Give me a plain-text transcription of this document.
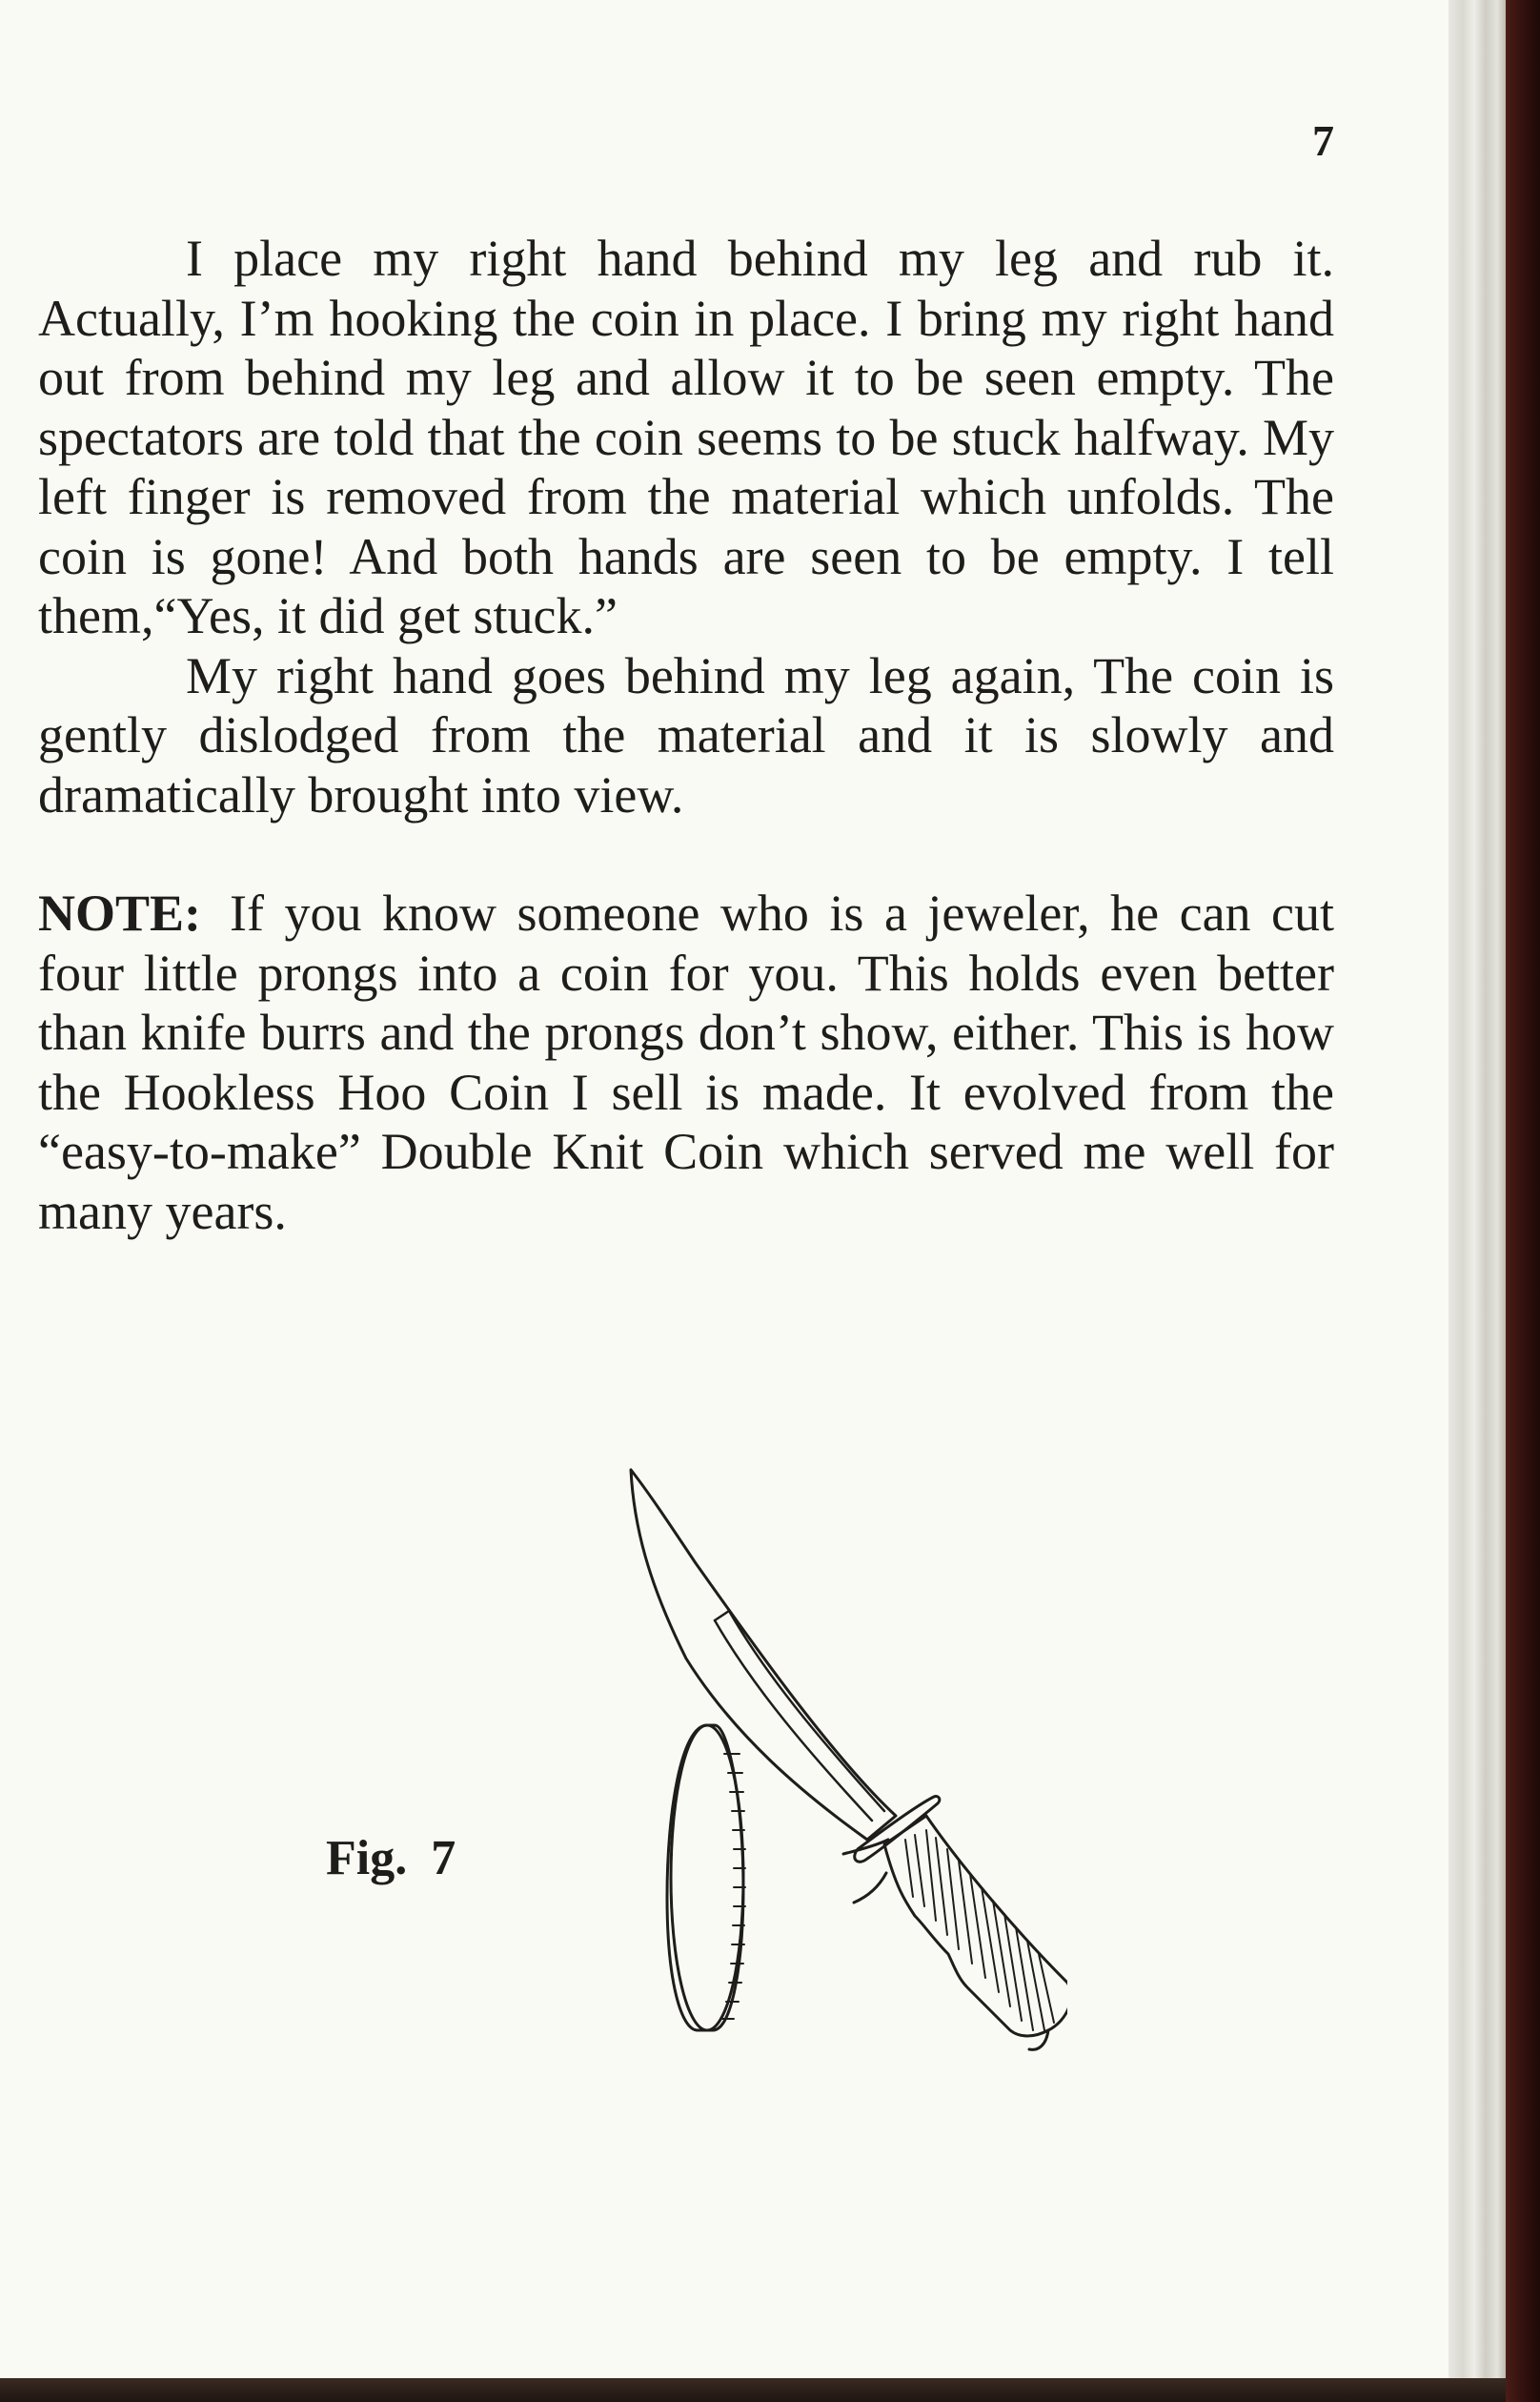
7

I place my right hand behind my leg and rub it. Actually, I’m hooking the coin in place. I bring my right hand out from behind my leg and allow it to be seen empty. The spectators are told that the coin seems to be stuck halfway. My left finger is removed from the material which unfolds. The coin is gone! And both hands are seen to be empty. I tell them,“Yes, it did get stuck.”

My right hand goes behind my leg again, The coin is gently dislodged from the material and it is slowly and dramatically brought into view.

NOTE: If you know someone who is a jeweler, he can cut four little prongs into a coin for you. This holds even better than knife burrs and the prongs don’t show, either. This is how the Hookless Hoo Coin I sell is made. It evolved from the “easy-to-make” Double Knit Coin which served me well for many years.

Fig. 7
